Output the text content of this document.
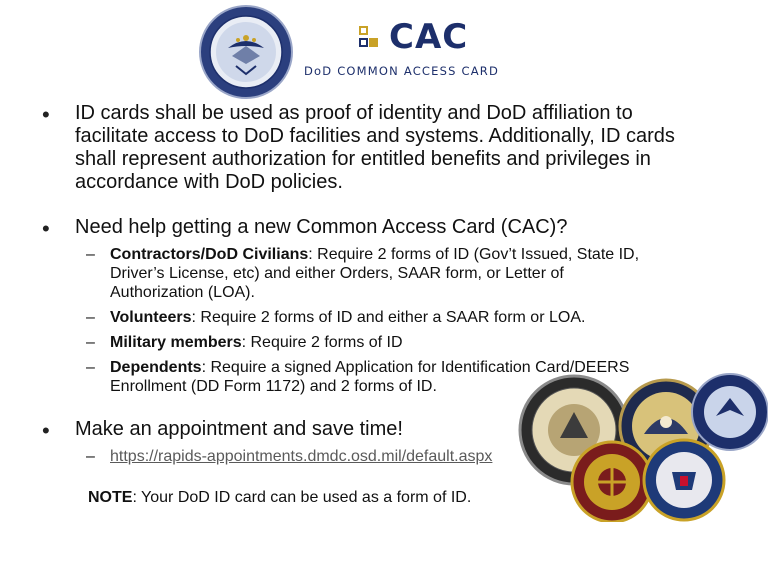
CAC
DoD COMMON ACCESS CARD
• ID cards shall be used as proof of identity and DoD affiliation to
facilitate access to DoD facilities and systems. Additionally, ID cards
shall represent authorization for entitled benefits and privileges in
accordance with DoD policies.
• Need help getting a new Common Access Card (CAC)?
– Contractors/DoD Civilians: Require 2 forms of ID (Gov’t Issued, State ID,
Driver’s License, etc) and either Orders, SAAR form, or Letter of
Authorization (LOA).
– Volunteers: Require 2 forms of ID and either a SAAR form or LOA.
– Military members: Require 2 forms of ID
– Dependents: Require a signed Application for Identification Card/DEERS
Enrollment (DD Form 1172) and 2 forms of ID.
• Make an appointment and save time!
– https://rapids-appointments.dmdc.osd.mil/default.aspx
NOTE: Your DoD ID card can be used as a form of ID.
